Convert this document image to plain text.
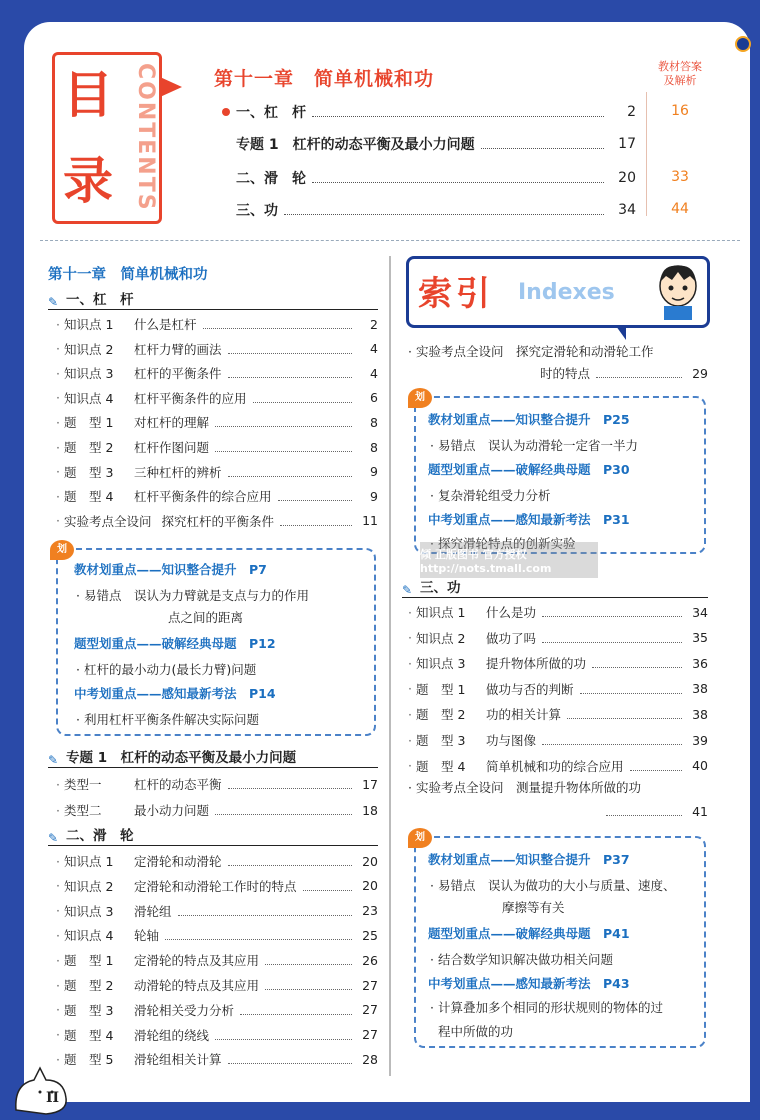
目
录 CONTENTS	第十一章　简单机械和功
教材答案
及解析
一、杠　杆	2	16
专题 1　杠杆的动态平衡及最小力问题	17
二、滑　轮	20	33
三、功	34	44
第十一章　简单机械和功
✎ 一、杠　杆
· 知识点 1	什么是杠杆	2
· 知识点 2	杠杆力臂的画法	4
· 知识点 3	杠杆的平衡条件	4
· 知识点 4	杠杆平衡条件的应用	6
· 题　型 1	对杠杆的理解	8
· 题　型 2	杠杆作图问题	8
· 题　型 3	三种杠杆的辨析	9
· 题　型 4	杠杆平衡条件的综合应用	9
· 实验考点全设问 探究杠杆的平衡条件	11
划
教材划重点——知识整合提升　P7
· 易错点　误认为力臂就是支点与力的作用
点之间的距离
题型划重点——破解经典母题　P12
· 杠杆的最小动力(最长力臂)问题
中考划重点——感知最新考法　P14
· 利用杠杆平衡条件解决实际问题
✎ 专题 1　杠杆的动态平衡及最小力问题
· 类型一	杠杆的动态平衡	17
· 类型二	最小动力问题	18
✎ 二、滑　轮
· 知识点 1	定滑轮和动滑轮	20
· 知识点 2	定滑轮和动滑轮工作时的特点	20
· 知识点 3	滑轮组	23
· 知识点 4	轮轴	25
· 题　型 1	定滑轮的特点及其应用	26
· 题　型 2	动滑轮的特点及其应用	27
· 题　型 3	滑轮相关受力分析	27
· 题　型 4	滑轮组的绕线	27
· 题　型 5	滑轮组相关计算	28
索引 Indexes
· 实验考点全设问　探究定滑轮和动滑轮工作
时的特点	29
划
教材划重点——知识整合提升　P25
· 易错点　误认为动滑轮一定省一半力
题型划重点——破解经典母题　P30
· 复杂滑轮组受力分析
中考划重点——感知最新考法　P31
· 探究滑轮特点的创新实验
倾 正版图书 官方授权 http://nots.tmall.com
✎ 三、功
· 知识点 1	什么是功	34
· 知识点 2	做功了吗	35
· 知识点 3	提升物体所做的功	36
· 题　型 1	做功与否的判断	38
· 题　型 2	功的相关计算	38
· 题　型 3	功与图像	39
· 题　型 4	简单机械和功的综合应用	40
· 实验考点全设问　测量提升物体所做的功
41
划
教材划重点——知识整合提升　P37
· 易错点　误认为做功的大小与质量、速度、
摩擦等有关
题型划重点——破解经典母题　P41
· 结合数学知识解决做功相关问题
中考划重点——感知最新考法　P43
· 计算叠加多个相同的形状规则的物体的过
程中所做的功
II
